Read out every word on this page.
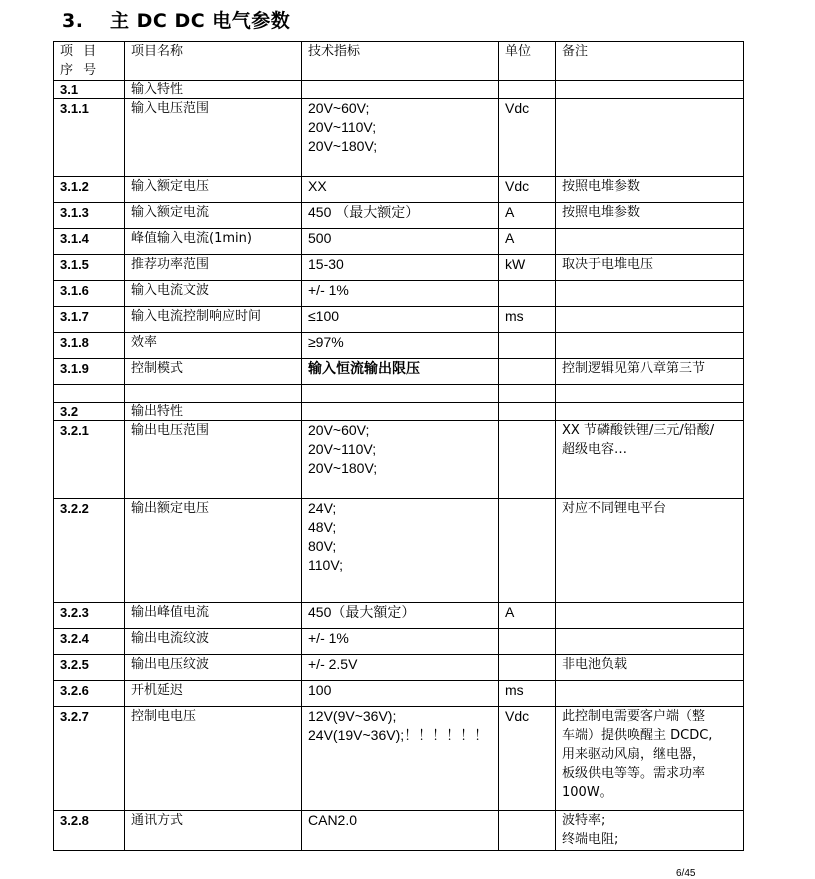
3. 主 DC DC 电气参数
项 目 序 号	项目名称	技术指标	单位	备注
3.1	输入特性			
3.1.1	输入电压范围	20V~60V;
20V~110V;
20V~180V;	Vdc	
3.1.2	输入额定电压	XX	Vdc	按照电堆参数

3.1.3	输入额定电流	450 （最大额定）	A	按照电堆参数

3.1.4	峰值输入电流(1min)	500	A	
3.1.5	推荐功率范围	15-30	kW	取决于电堆电压

3.1.6	输入电流文波	+/- 1%		

3.1.7	输入电流控制响应时间	≤100	ms	
3.1.8	效率	≥97%		

3.1.9	控制模式	输入恒流输出限压		控制逻辑见第八章第三节

3.2	输出特性			
3.2.1	输出电压范围	20V~60V;
20V~110V;
20V~180V;		XX 节磷酸铁锂/三元/铅酸/
超级电容…

3.2.2	输出额定电压	24V;
48V;
80V;
110V;		对应不同锂电平台

3.2.3	输出峰值电流	450（最大額定）	A	
3.2.4	输出电流纹波	+/- 1%		

3.2.5	输出电压纹波	+/- 2.5V		非电池负载

3.2.6	开机延迟	100	ms	
3.2.7	控制电电压	12V(9V~36V);
24V(19V~36V);！！！！！！	Vdc	此控制电需要客户端（整
车端）提供唤醒主 DCDC,
用来驱动风扇，继电器，
板级供电等等。需求功率
100W。

3.2.8	通讯方式	CAN2.0		波特率;
终端电阻;
6/45
